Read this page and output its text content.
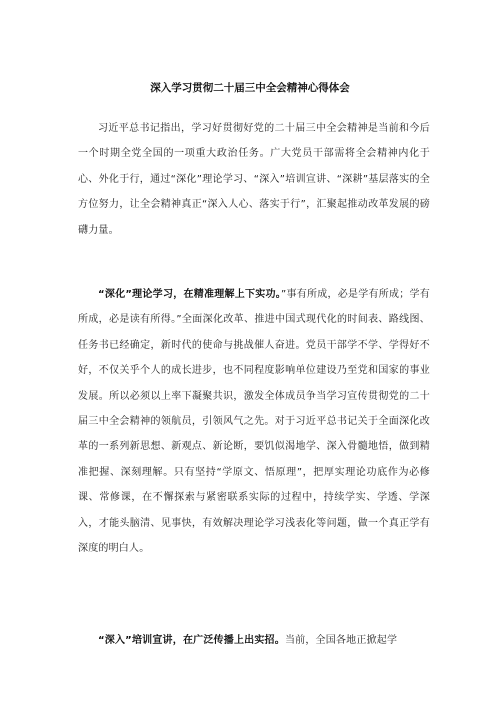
深入学习贯彻二十届三中全会精神心得体会
习近平总书记指出，学习好贯彻好党的二十届三中全会精神是当前和今后一个时期全党全国的一项重大政治任务。广大党员干部需将全会精神内化于心、外化于行，通过“深化”理论学习、“深入”培训宣讲、“深耕”基层落实的全方位努力，让全会精神真正“深入人心、落实于行”，汇聚起推动改革发展的磅礴力量。
“深化”理论学习，在精准理解上下实功。”事有所成，必是学有所成；学有所成，必是读有所得。”全面深化改革、推进中国式现代化的时间表、路线图、任务书已经确定，新时代的使命与挑战催人奋进。党员干部学不学、学得好不好，不仅关乎个人的成长进步，也不同程度影响单位建设乃至党和国家的事业发展。所以必须以上率下凝聚共识，激发全体成员争当学习宣传贯彻党的二十届三中全会精神的领航员，引领风气之先。对于习近平总书记关于全面深化改革的一系列新思想、新观点、新论断，要饥似渴地学、深入骨髓地悟，做到精准把握、深刻理解。只有坚持“学原文、悟原理”，把厚实理论功底作为必修课、常修课，在不懈探索与紧密联系实际的过程中，持续学实、学透、学深入，才能头脑清、见事快，有效解决理论学习浅表化等问题，做一个真正学有深度的明白人。
“深入”培训宣讲，在广泛传播上出实招。当前，全国各地正掀起学
